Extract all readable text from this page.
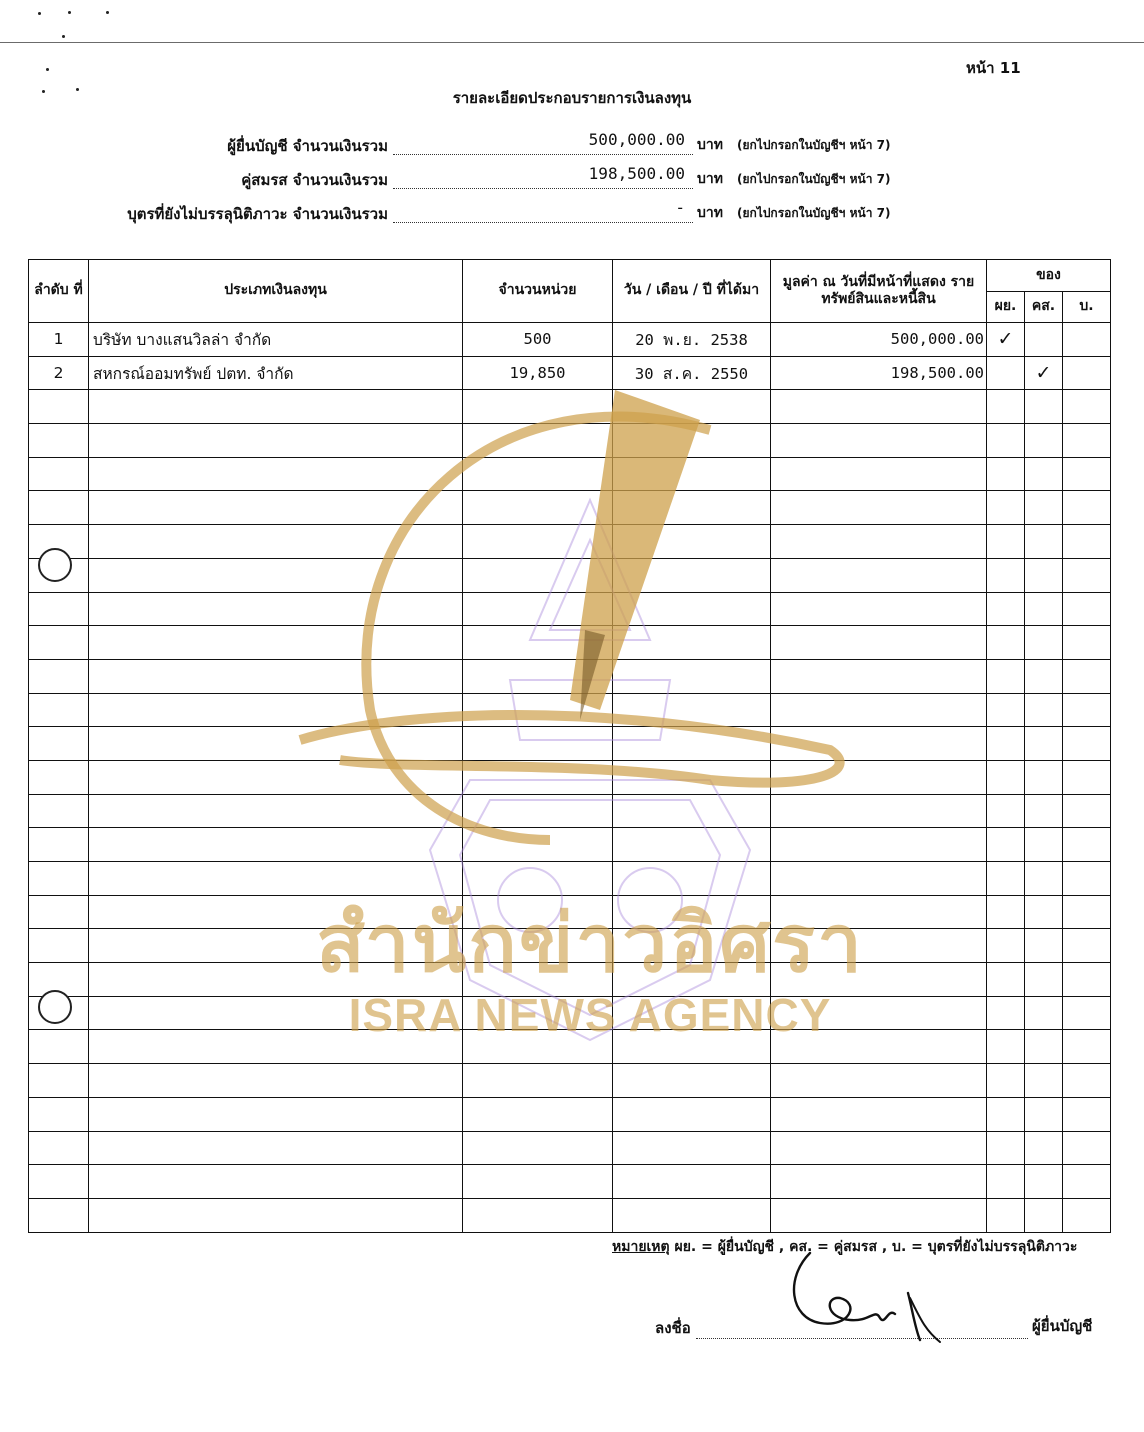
หน้า 11
รายละเอียดประกอบรายการเงินลงทุน
ผู้ยื่นบัญชี จำนวนเงินรวม	500,000.00 บาท (ยกไปกรอกในบัญชีฯ หน้า 7)
คู่สมรส จำนวนเงินรวม	198,500.00 บาท (ยกไปกรอกในบัญชีฯ หน้า 7)
บุตรที่ยังไม่บรรลุนิติภาวะ จำนวนเงินรวม	- บาท (ยกไปกรอกในบัญชีฯ หน้า 7)
ลำดับ ที่	ประเภทเงินลงทุน	จำนวนหน่วย	วัน / เดือน / ปี ที่ได้มา	มูลค่า ณ วันที่มีหน้าที่แสดง รายทรัพย์สินและหนี้สิน	ของ		
					ผย.	คส.	บ.
1	บริษัท บางแสนวิลล่า จำกัด	500	20 พ.ย. 2538	500,000.00	✓		
2	สหกรณ์ออมทรัพย์ ปตท. จำกัด	19,850	30 ส.ค. 2550	198,500.00		✓	

สำนักข่าวอิศรา
ISRA NEWS AGENCY
หมายเหตุ ผย. = ผู้ยื่นบัญชี , คส. = คู่สมรส , บ. = บุตรที่ยังไม่บรรลุนิติภาวะ
ลงชื่อ	ผู้ยื่นบัญชี
